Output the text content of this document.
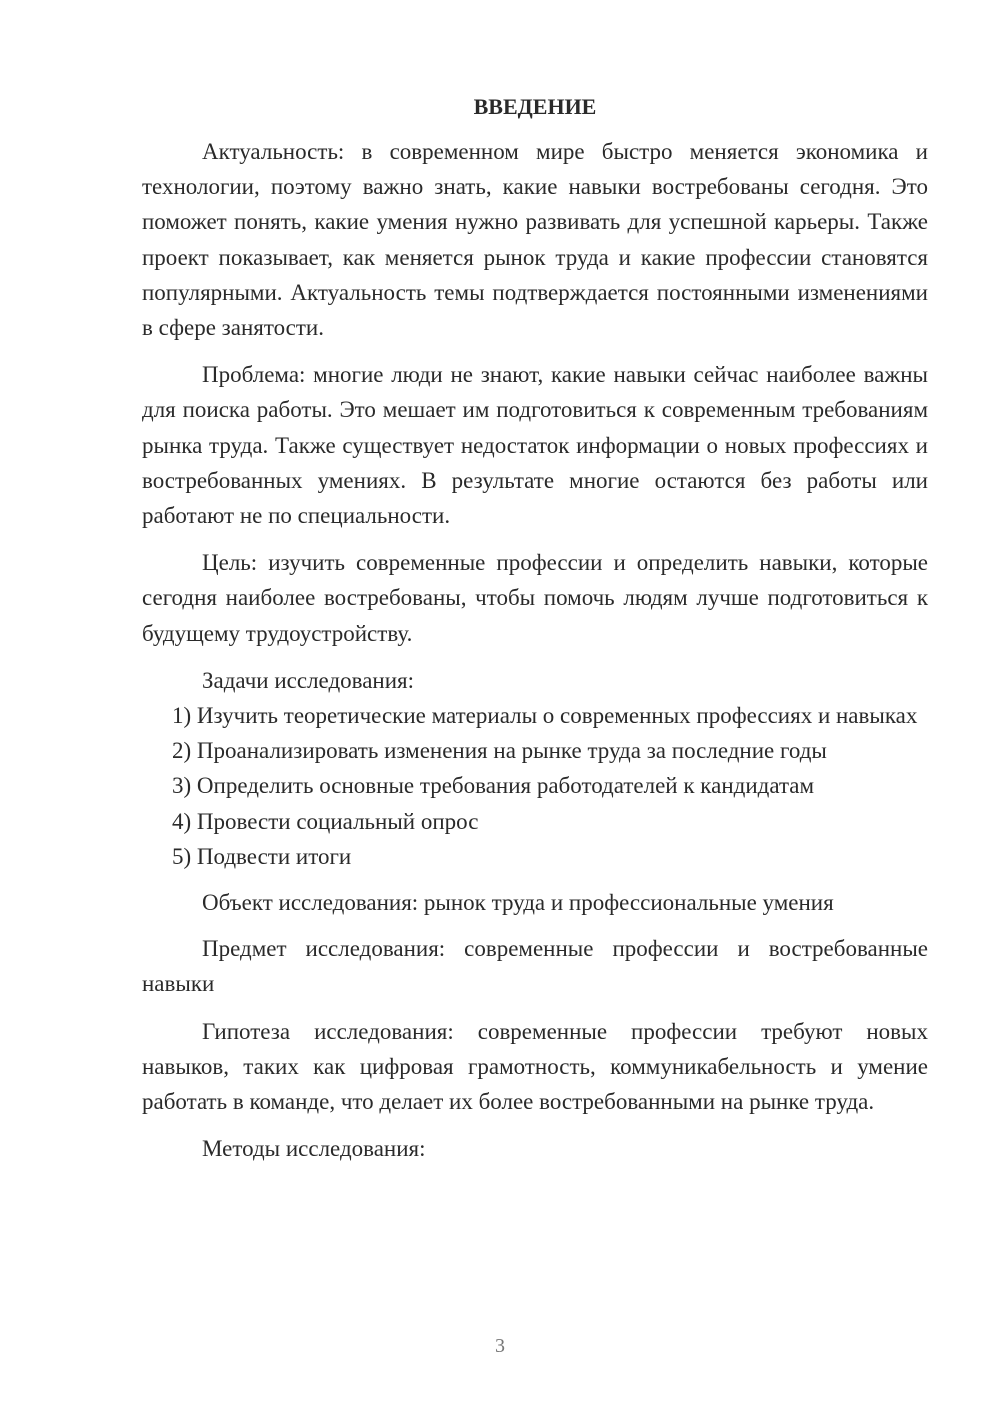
ВВЕДЕНИЕ

Актуальность: в современном мире быстро меняется экономика и технологии, поэтому важно знать, какие навыки востребованы сегодня. Это поможет понять, какие умения нужно развивать для успешной карьеры. Также проект показывает, как меняется рынок труда и какие профессии становятся популярными. Актуальность темы подтверждается постоянными изменениями в сфере занятости.

Проблема: многие люди не знают, какие навыки сейчас наиболее важны для поиска работы. Это мешает им подготовиться к современным требованиям рынка труда. Также существует недостаток информации о новых профессиях и востребованных умениях. В результате многие остаются без работы или работают не по специальности.

Цель: изучить современные профессии и определить навыки, которые сегодня наиболее востребованы, чтобы помочь людям лучше подготовиться к будущему трудоустройству.

Задачи исследования:

1) Изучить теоретические материалы о современных профессиях и навыках

2) Проанализировать изменения на рынке труда за последние годы

3) Определить основные требования работодателей к кандидатам

4) Провести социальный опрос

5) Подвести итоги

Объект исследования: рынок труда и профессиональные умения

Предмет исследования: современные профессии и востребованные навыки

Гипотеза исследования: современные профессии требуют новых навыков, таких как цифровая грамотность, коммуникабельность и умение работать в команде, что делает их более востребованными на рынке труда.

Методы исследования:

3
